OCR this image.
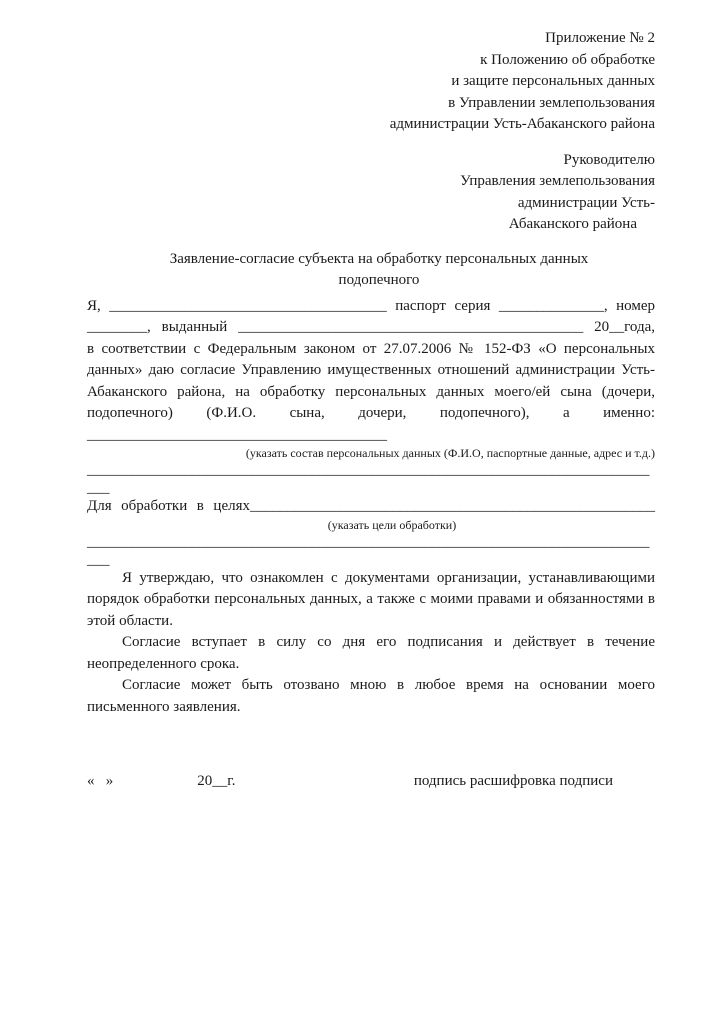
Приложение № 2
к Положению об обработке
и защите персональных данных
в Управлении землепользования
администрации Усть-Абаканского района
Руководителю
Управления землепользования
администрации Усть-
Абаканского района
Заявление-согласие субъекта на обработку персональных данных
подопечного
Я, _____________________________________ паспорт серия ______________, номер
________, выданный ______________________________________________ 20__года,
в соответствии с Федеральным законом от 27.07.2006 № 152-ФЗ «О персональных
данных» даю согласие Управлению имущественных отношений администрации Усть-
Абаканского района, на обработку персональных данных моего/ей сына (дочери,
подопечного) (Ф.И.О. сына, дочери, подопечного), а именно:
________________________________________
(указать состав персональных данных (Ф.И.О, паспортные данные, адрес и т.д.)
___________________________________________________________________________
___
Для обработки в целях______________________________________________________
(указать цели обработки)
___________________________________________________________________________
___
Я утверждаю, что ознакомлен с документами организации, устанавливающими
порядок обработки персональных данных, а также с моими правами и обязанностями в
этой области.
Согласие вступает в силу со дня его подписания и действует в течение
неопределенного срока.
Согласие может быть отозвано мною в любое время на основании моего
письменного заявления.
«   »	20__г.	подпись расшифровка подписи
